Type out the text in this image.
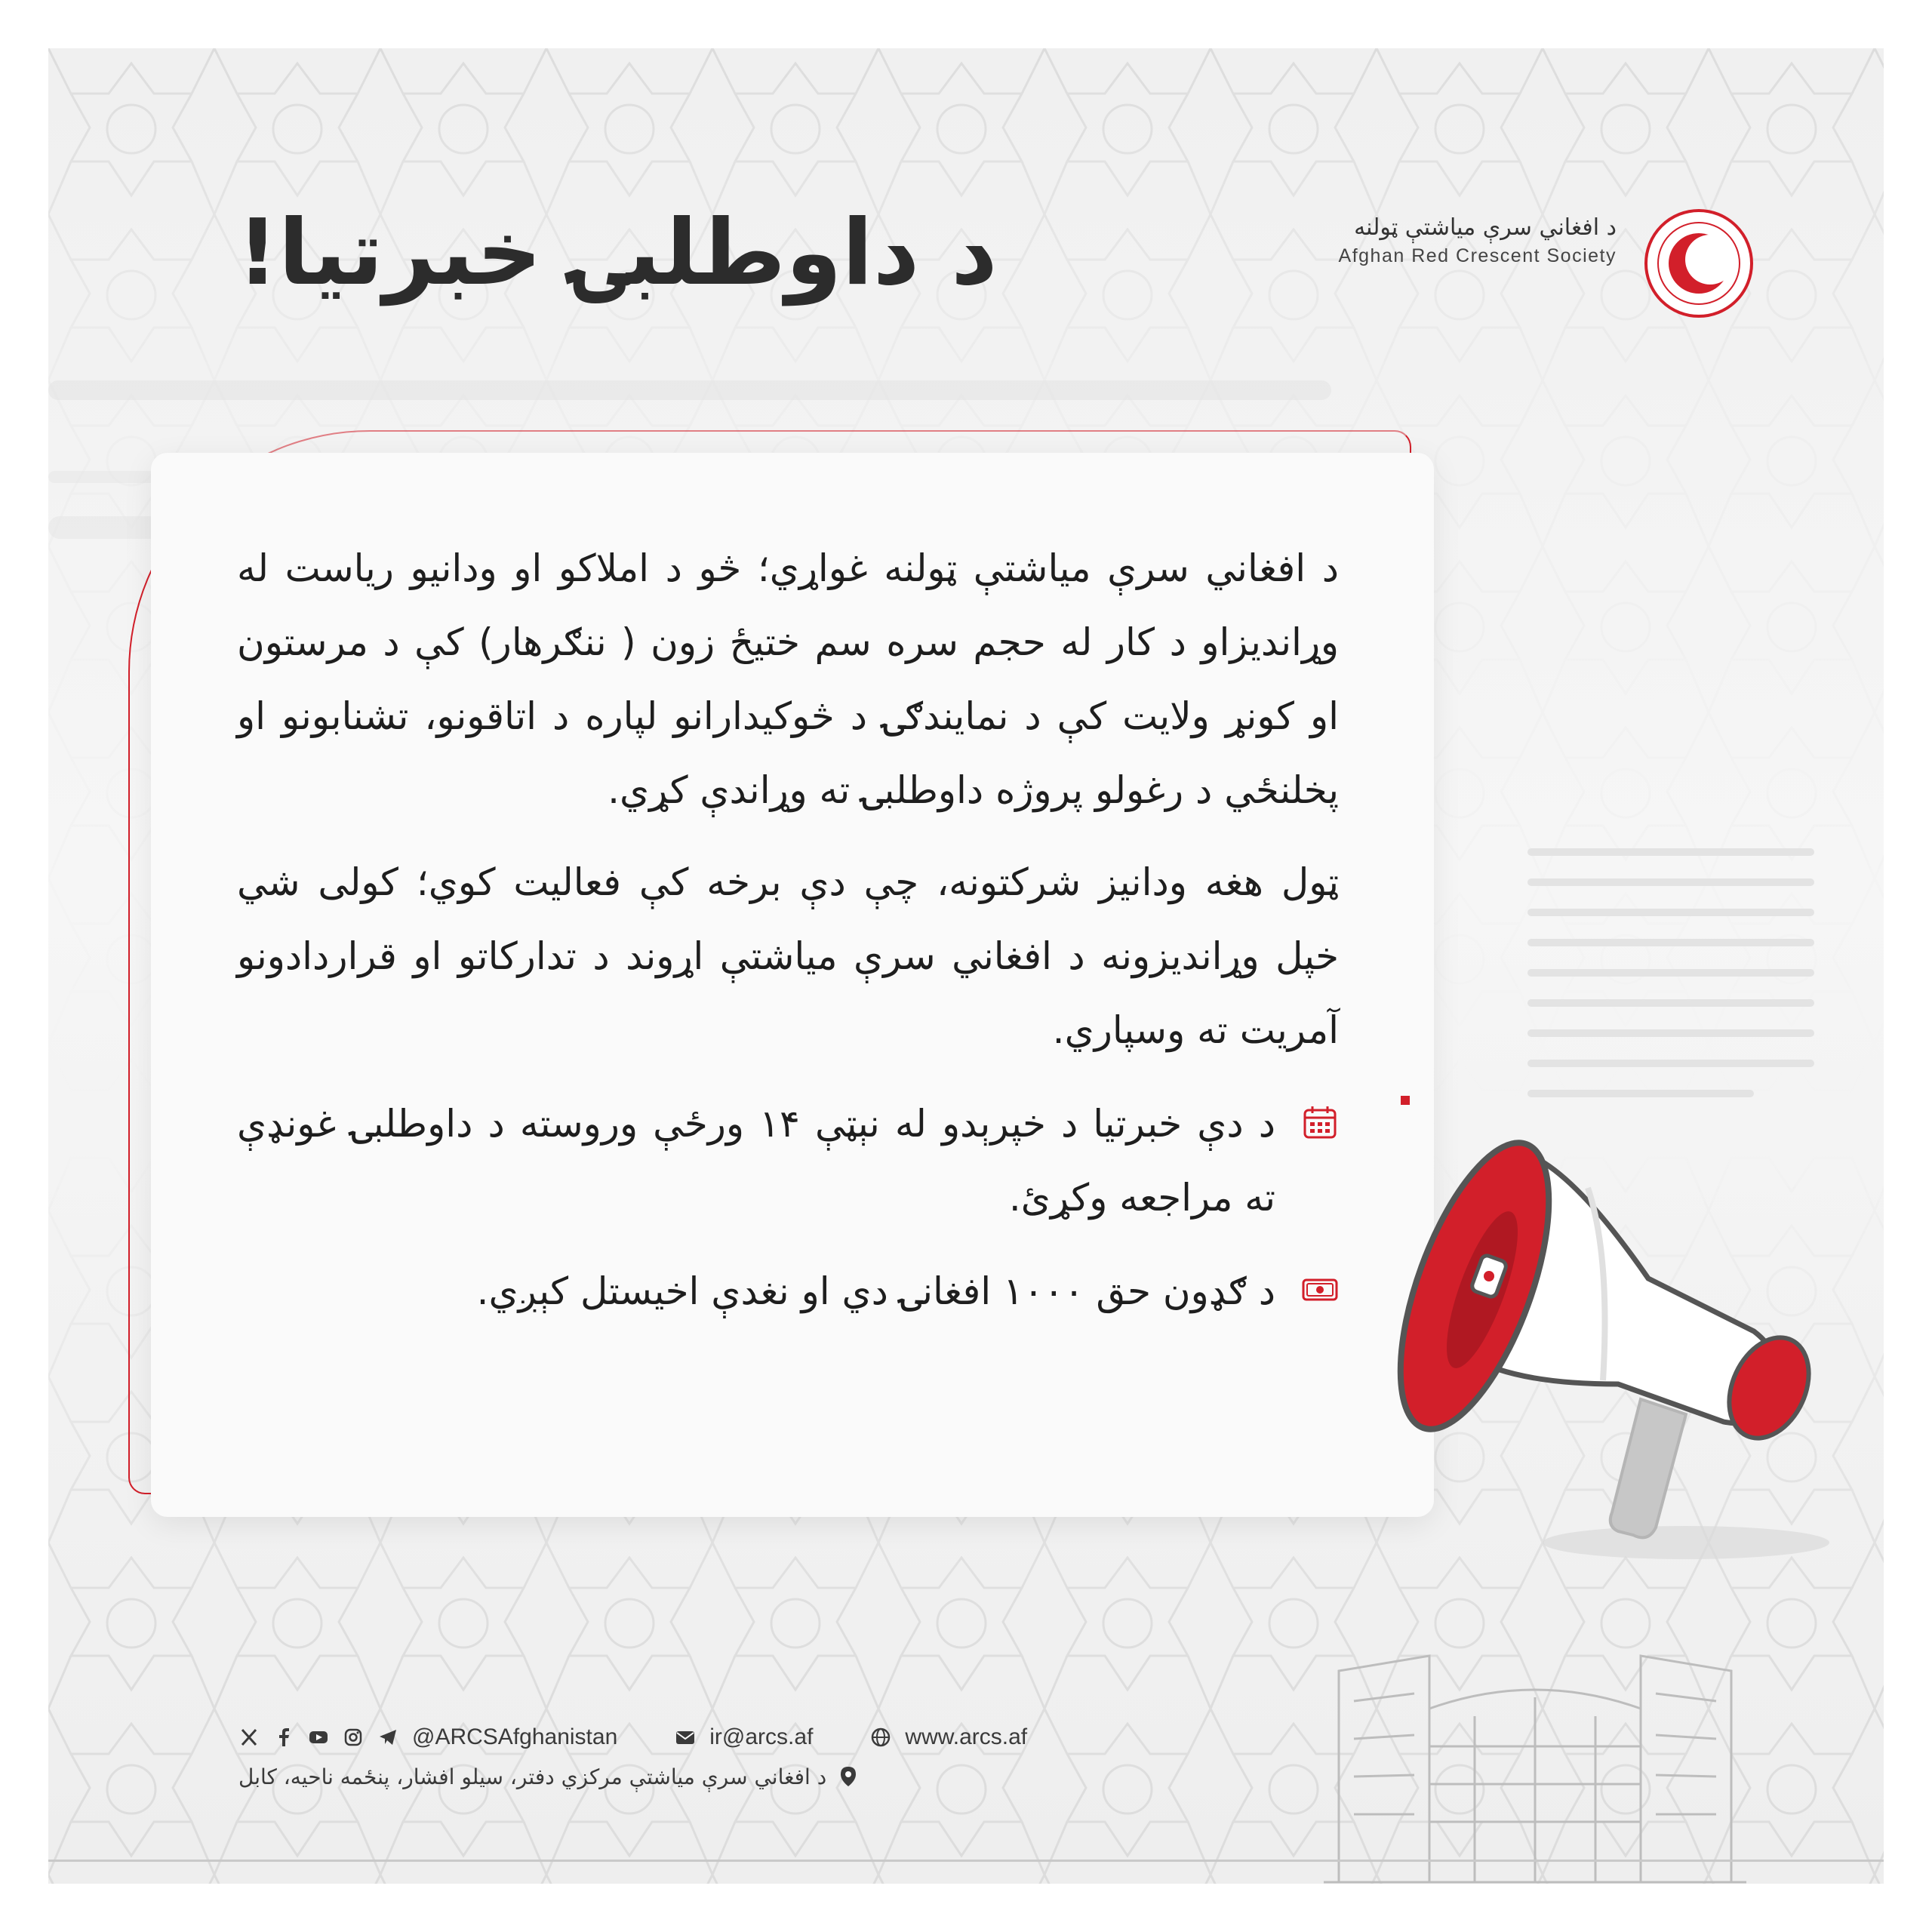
د داوطلبۍ خبرتیا!	د افغاني سرې میاشتې ټولنه
Afghan Red Crescent Society

د افغاني سرې میاشتې ټولنه غواړي؛ څو د املاکو او ودانیو ریاست له وړاندیزاو د کار له حجم سره سم ختیځ زون ( ننګرهار) کې د مرستون او کونړ ولایت کې د نمایندګۍ د څوکیدارانو لپاره د اتاقونو، تشنابونو او پخلنځي د رغولو پروژه داوطلبۍ ته وړاندې کړي.

ټول هغه ودانیز شرکتونه، چې دې برخه کې فعالیت کوي؛ کولی شي خپل وړاندیزونه د افغاني سرې میاشتې اړوند د تدارکاتو او قراردادونو آمریت ته وسپاري.

د دې خبرتیا د خپرېدو له نېټې ۱۴ ورځې وروسته د داوطلبۍ غونډې ته مراجعه وکړئ.
د ګډون حق ۱۰۰۰ افغانۍ دي او نغدې اخیستل کېږي.
@ARCSAfghanistan	ir@arcs.af	www.arcs.af
د افغاني سرې میاشتې مرکزي دفتر، سیلو افشار، پنځمه ناحیه، کابل
